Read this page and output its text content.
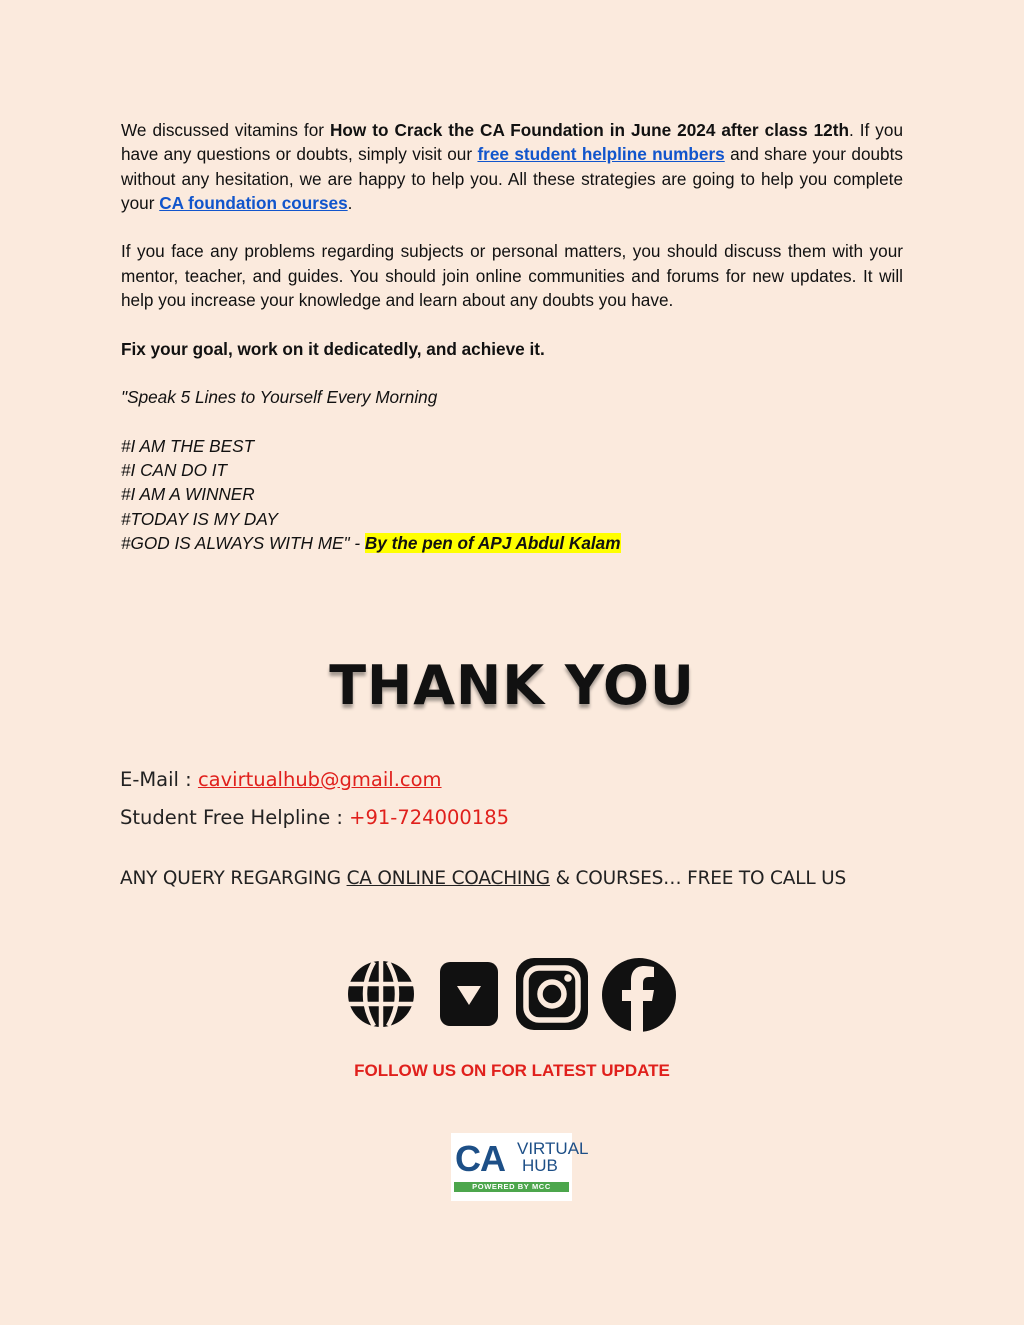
We discussed vitamins for How to Crack the CA Foundation in June 2024 after class 12th. If you have any questions or doubts, simply visit our free student helpline numbers and share your doubts without any hesitation, we are happy to help you. All these strategies are going to help you complete your CA foundation courses.

If you face any problems regarding subjects or personal matters, you should discuss them with your mentor, teacher, and guides. You should join online communities and forums for new updates. It will help you increase your knowledge and learn about any doubts you have.

Fix your goal, work on it dedicatedly, and achieve it.

"Speak 5 Lines to Yourself Every Morning

#I AM THE BEST
#I CAN DO IT
#I AM A WINNER
#TODAY IS MY DAY
#GOD IS ALWAYS WITH ME" - By the pen of APJ Abdul Kalam
THANK YOU
E-Mail : cavirtualhub@gmail.com
Student Free Helpline : +91-724000185
ANY QUERY REGARGING CA ONLINE COACHING & COURSES… FREE TO CALL US
FOLLOW US ON FOR LATEST UPDATE
CA VIRTUAL
HUB
POWERED BY MCC
